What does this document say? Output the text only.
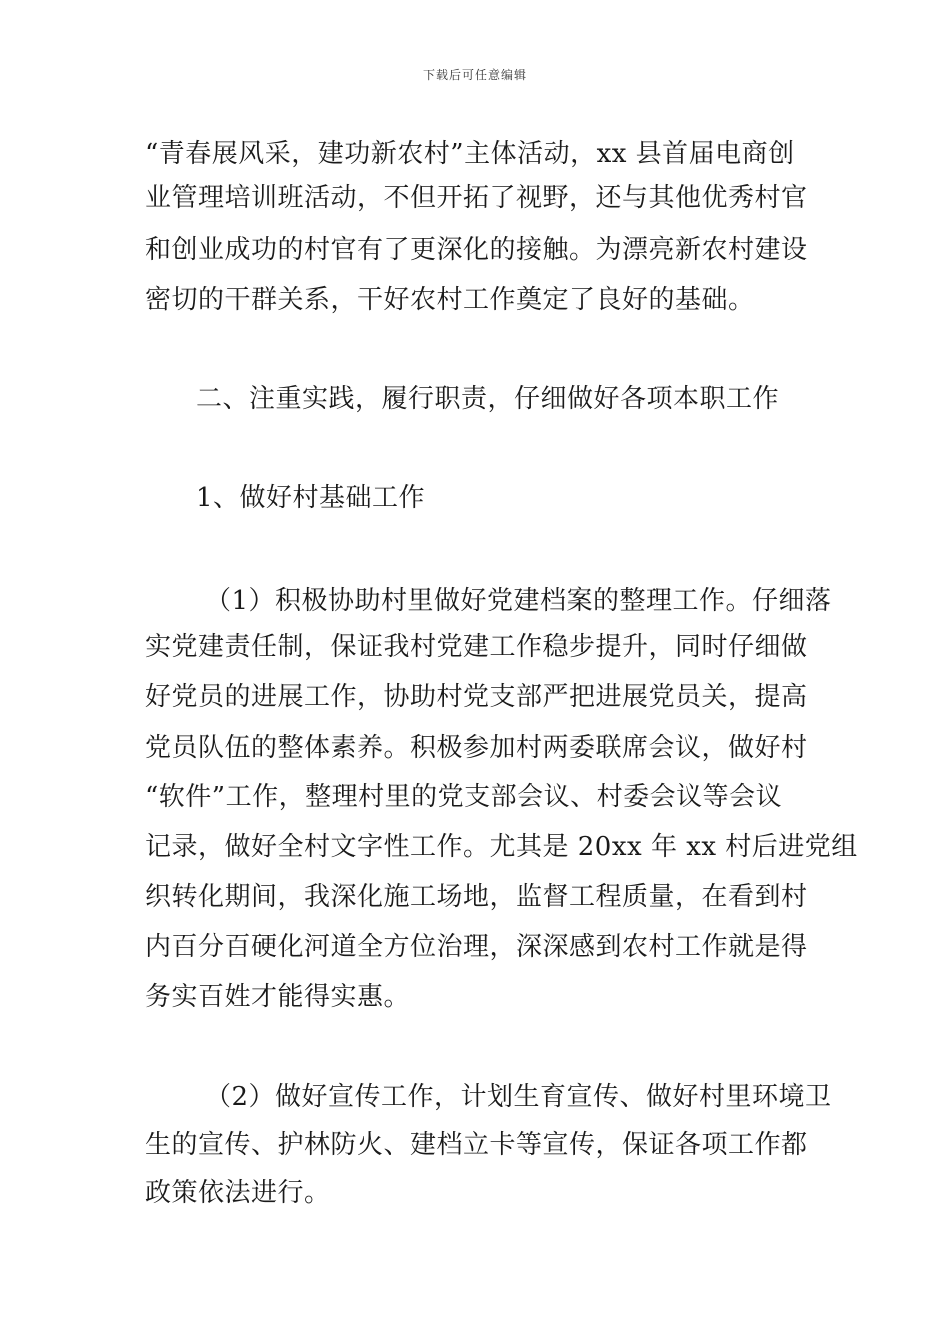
下载后可任意编辑
“青春展风采，建功新农村”主体活动，xx 县首届电商创
业管理培训班活动，不但开拓了视野，还与其他优秀村官
和创业成功的村官有了更深化的接触。为漂亮新农村建设
密切的干群关系，干好农村工作奠定了良好的基础。
二、注重实践，履行职责，仔细做好各项本职工作
1、做好村基础工作
（1）积极协助村里做好党建档案的整理工作。仔细落
实党建责任制，保证我村党建工作稳步提升，同时仔细做
好党员的进展工作，协助村党支部严把进展党员关，提高
党员队伍的整体素养。积极参加村两委联席会议，做好村
“软件”工作，整理村里的党支部会议、村委会议等会议
记录，做好全村文字性工作。尤其是 20xx 年 xx 村后进党组
织转化期间，我深化施工场地，监督工程质量，在看到村
内百分百硬化河道全方位治理，深深感到农村工作就是得
务实百姓才能得实惠。
（2）做好宣传工作，计划生育宣传、做好村里环境卫
生的宣传、护林防火、建档立卡等宣传，保证各项工作都
政策依法进行。
